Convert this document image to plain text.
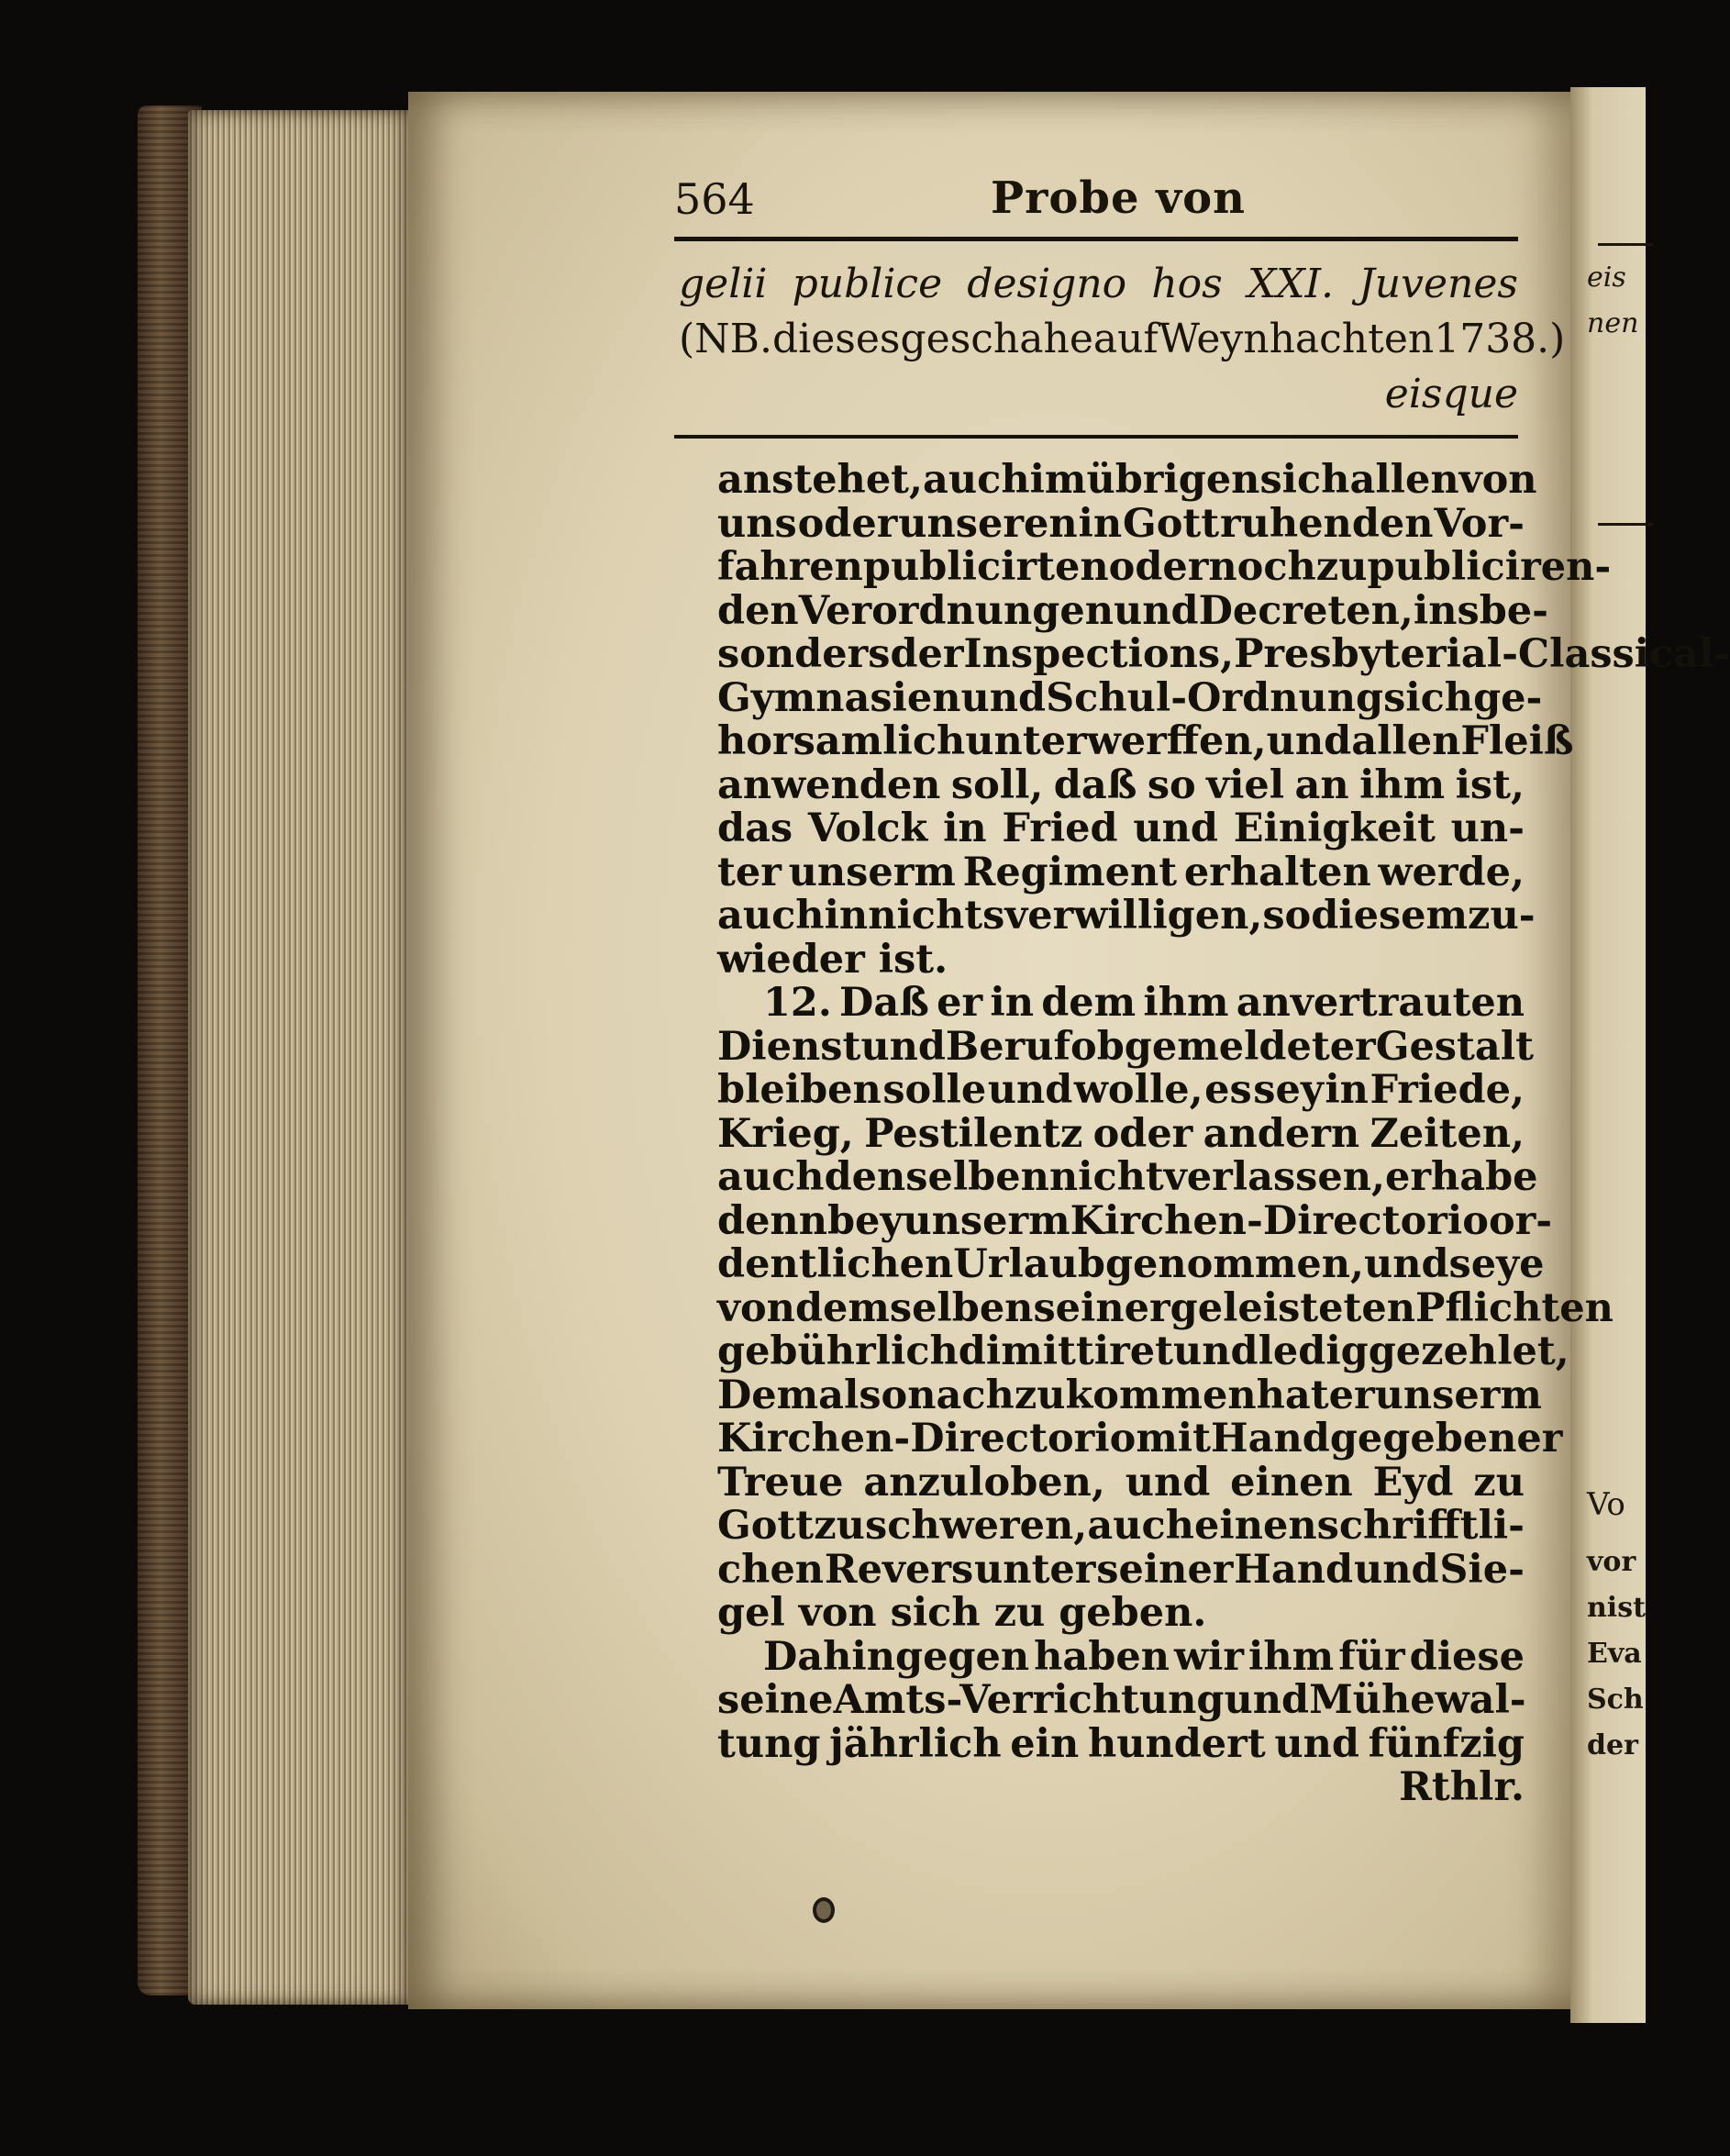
eis
nen
Vo
vor
nist
Eva
Sch
der
564	Probe von
gelii publice designo hos XXI. Juvenes
(NB. dieses geschahe auf Weynhachten 1738.)
eisque
anstehet, auch im übrigen sich allen von
uns oder unseren in Gott ruhenden Vor-
fahren publicirten oder noch zu publiciren-
den Verordnungen und Decreten, insbe-
sonders der Inspections, Presbyterial-Classical-
Gymnasien und Schul-Ordnung sich ge-
horsamlich unterwerffen, und allen Fleiß
anwenden soll, daß so viel an ihm ist,
das Volck in Fried und Einigkeit un-
ter unserm Regiment erhalten werde,
auch in nichts verwilligen, so diesem zu-
wieder ist.
12. Daß er in dem ihm anvertrauten
Dienst und Beruf obgemeldeter Gestalt
bleiben solle und wolle, es sey in Friede,
Krieg, Pestilentz oder andern Zeiten,
auch denselben nicht verlassen, er habe
denn bey unserm Kirchen-Directorio or-
dentlichen Urlaub genommen, und seye
von demselben seiner geleisteten Pflichten
gebührlich dimittiret und ledig gezehlet,
Dem also nachzukommen hat er unserm
Kirchen-Directorio mit Hand gegebener
Treue anzuloben, und einen Eyd zu
Gott zu schweren, auch einen schrifftli-
chen Revers unter seiner Hand und Sie-
gel von sich zu geben.
Dahingegen haben wir ihm für diese
seine Amts-Verrichtung und Mühewal-
tung jährlich ein hundert und fünfzig
Rthlr.
